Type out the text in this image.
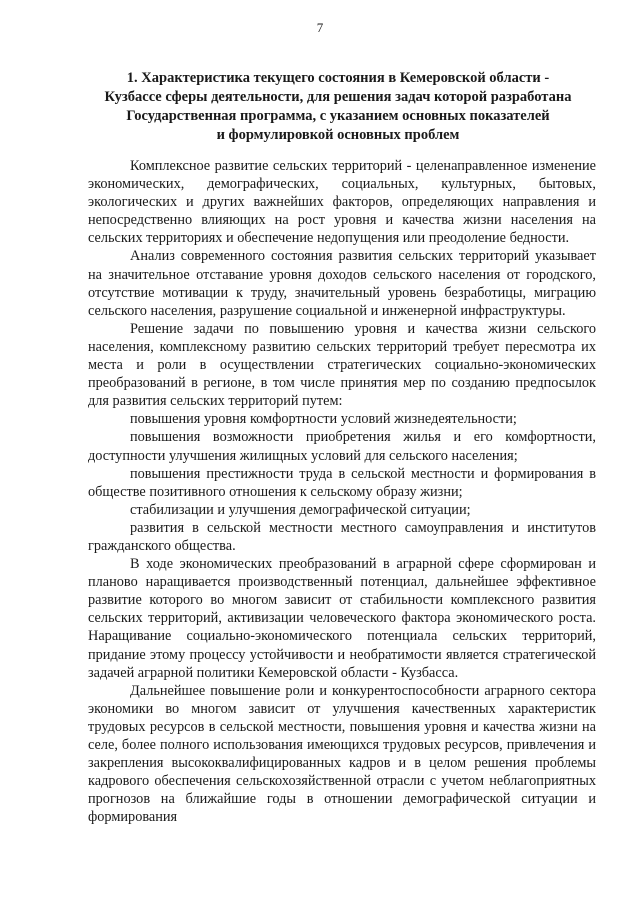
7
1. Характеристика текущего состояния в Кемеровской области -
Кузбассе сферы деятельности, для решения задач которой разработана
Государственная программа, с указанием основных показателей
и формулировкой основных проблем

Комплексное развитие сельских территорий - целенаправленное изменение экономических, демографических, социальных, культурных, бытовых, экологических и других важнейших факторов, определяющих направления и непосредственно влияющих на рост уровня и качества жизни населения на сельских территориях и обеспечение недопущения или преодоление бедности.

Анализ современного состояния развития сельских территорий указывает на значительное отставание уровня доходов сельского населения от городского, отсутствие мотивации к труду, значительный уровень безработицы, миграцию сельского населения, разрушение социальной и инженерной инфраструктуры.

Решение задачи по повышению уровня и качества жизни сельского населения, комплексному развитию сельских территорий требует пересмотра их места и роли в осуществлении стратегических социально-экономических преобразований в регионе, в том числе принятия мер по созданию предпосылок для развития сельских территорий путем:

повышения уровня комфортности условий жизнедеятельности;

повышения возможности приобретения жилья и его комфортности, доступности улучшения жилищных условий для сельского населения;

повышения престижности труда в сельской местности и формирования в обществе позитивного отношения к сельскому образу жизни;

стабилизации и улучшения демографической ситуации;

развития в сельской местности местного самоуправления и институтов гражданского общества.

В ходе экономических преобразований в аграрной сфере сформирован и планово наращивается производственный потенциал, дальнейшее эффективное развитие которого во многом зависит от стабильности комплексного развития сельских территорий, активизации человеческого фактора экономического роста. Наращивание социально-экономического потенциала сельских территорий, придание этому процессу устойчивости и необратимости является стратегической задачей аграрной политики Кемеровской области - Кузбасса.

Дальнейшее повышение роли и конкурентоспособности аграрного сектора экономики во многом зависит от улучшения качественных характеристик трудовых ресурсов в сельской местности, повышения уровня и качества жизни на селе, более полного использования имеющихся трудовых ресурсов, привлечения и закрепления высококвалифицированных кадров и в целом решения проблемы кадрового обеспечения сельскохозяйственной отрасли с учетом неблагоприятных прогнозов на ближайшие годы в отношении демографической ситуации и формирования
